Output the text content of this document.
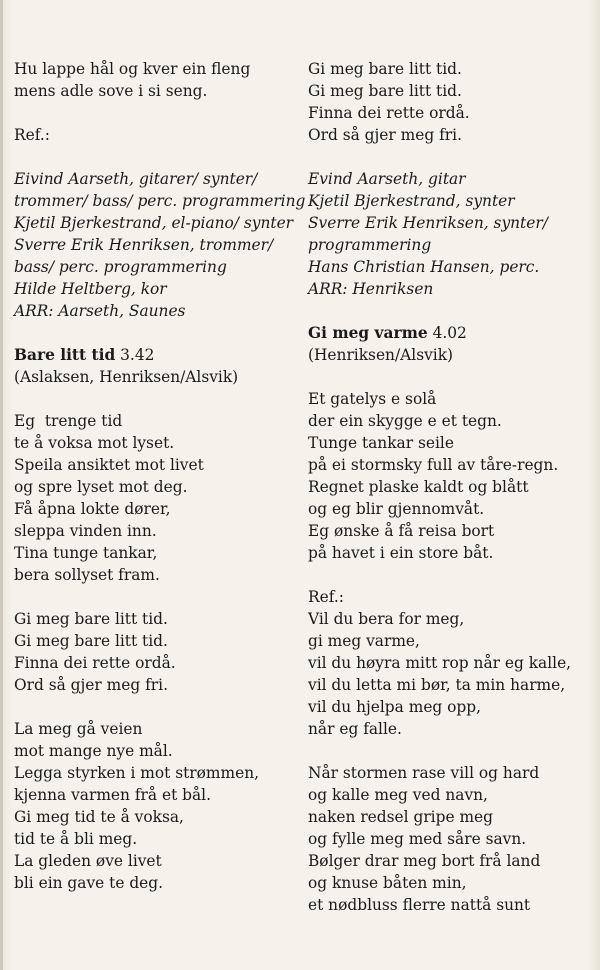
Hu lappe hål og kver ein fleng
mens adle sove i si seng.
Ref.:
Eivind Aarseth, gitarer/ synter/
trommer/ bass/ perc. programmering
Kjetil Bjerkestrand, el-piano/ synter
Sverre Erik Henriksen, trommer/
bass/ perc. programmering
Hilde Heltberg, kor
ARR: Aarseth, Saunes
Bare litt tid 3.42
(Aslaksen, Henriksen/Alsvik)
Eg  trenge tid
te å voksa mot lyset.
Speila ansiktet mot livet
og spre lyset mot deg.
Få åpna lokte dører,
sleppa vinden inn.
Tina tunge tankar,
bera sollyset fram.
Gi meg bare litt tid.
Gi meg bare litt tid.
Finna dei rette ordå.
Ord så gjer meg fri.
La meg gå veien
mot mange nye mål.
Legga styrken i mot strømmen,
kjenna varmen frå et bål.
Gi meg tid te å voksa,
tid te å bli meg.
La gleden øve livet
bli ein gave te deg.
Gi meg bare litt tid.
Gi meg bare litt tid.
Finna dei rette ordå.
Ord så gjer meg fri.
Evind Aarseth, gitar
Kjetil Bjerkestrand, synter
Sverre Erik Henriksen, synter/
programmering
Hans Christian Hansen, perc.
ARR: Henriksen
Gi meg varme 4.02
(Henriksen/Alsvik)
Et gatelys e solå
der ein skygge e et tegn.
Tunge tankar seile
på ei stormsky full av tåre-regn.
Regnet plaske kaldt og blått
og eg blir gjennomvåt.
Eg ønske å få reisa bort
på havet i ein store båt.
Ref.:
Vil du bera for meg,
gi meg varme,
vil du høyra mitt rop når eg kalle,
vil du letta mi bør, ta min harme,
vil du hjelpa meg opp,
når eg falle.
Når stormen rase vill og hard
og kalle meg ved navn,
naken redsel gripe meg
og fylle meg med såre savn.
Bølger drar meg bort frå land
og knuse båten min,
et nødbluss flerre nattå sunt
